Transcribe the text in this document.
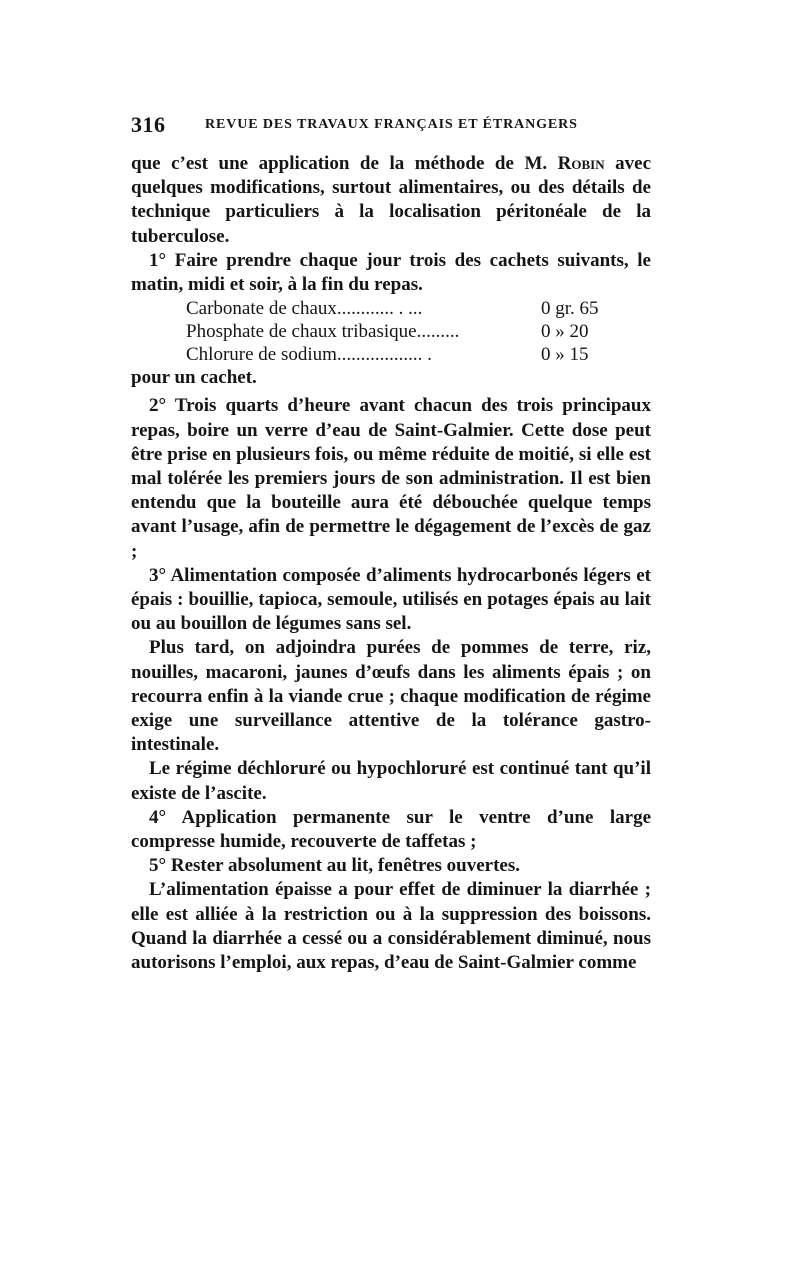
316	REVUE DES TRAVAUX FRANÇAIS ET ÉTRANGERS

que c’est une application de la méthode de M. Robin avec quelques modifications, surtout alimentaires, ou des détails de technique particuliers à la localisation péritonéale de la tuberculose.

1° Faire prendre chaque jour trois des cachets suivants, le matin, midi et soir, à la fin du repas.

Carbonate de chaux............ . ...	0 gr. 65
Phosphate de chaux tribasique.........	0 » 20
Chlorure de sodium.................. .	0 » 15

pour un cachet.

2° Trois quarts d’heure avant chacun des trois principaux repas, boire un verre d’eau de Saint-Galmier. Cette dose peut être prise en plusieurs fois, ou même réduite de moitié, si elle est mal tolérée les premiers jours de son administration. Il est bien entendu que la bouteille aura été débouchée quelque temps avant l’usage, afin de permettre le dégagement de l’excès de gaz ;

3° Alimentation composée d’aliments hydrocarbonés légers et épais : bouillie, tapioca, semoule, utilisés en potages épais au lait ou au bouillon de légumes sans sel.

Plus tard, on adjoindra purées de pommes de terre, riz, nouilles, macaroni, jaunes d’œufs dans les aliments épais ; on recourra enfin à la viande crue ; chaque modification de régime exige une surveillance attentive de la tolérance gastro-intestinale.

Le régime déchloruré ou hypochloruré est continué tant qu’il existe de l’ascite.

4° Application permanente sur le ventre d’une large compresse humide, recouverte de taffetas ;

5° Rester absolument au lit, fenêtres ouvertes.

L’alimentation épaisse a pour effet de diminuer la diarrhée ; elle est alliée à la restriction ou à la suppression des boissons. Quand la diarrhée a cessé ou a considérablement diminué, nous autorisons l’emploi, aux repas, d’eau de Saint-Galmier comme
